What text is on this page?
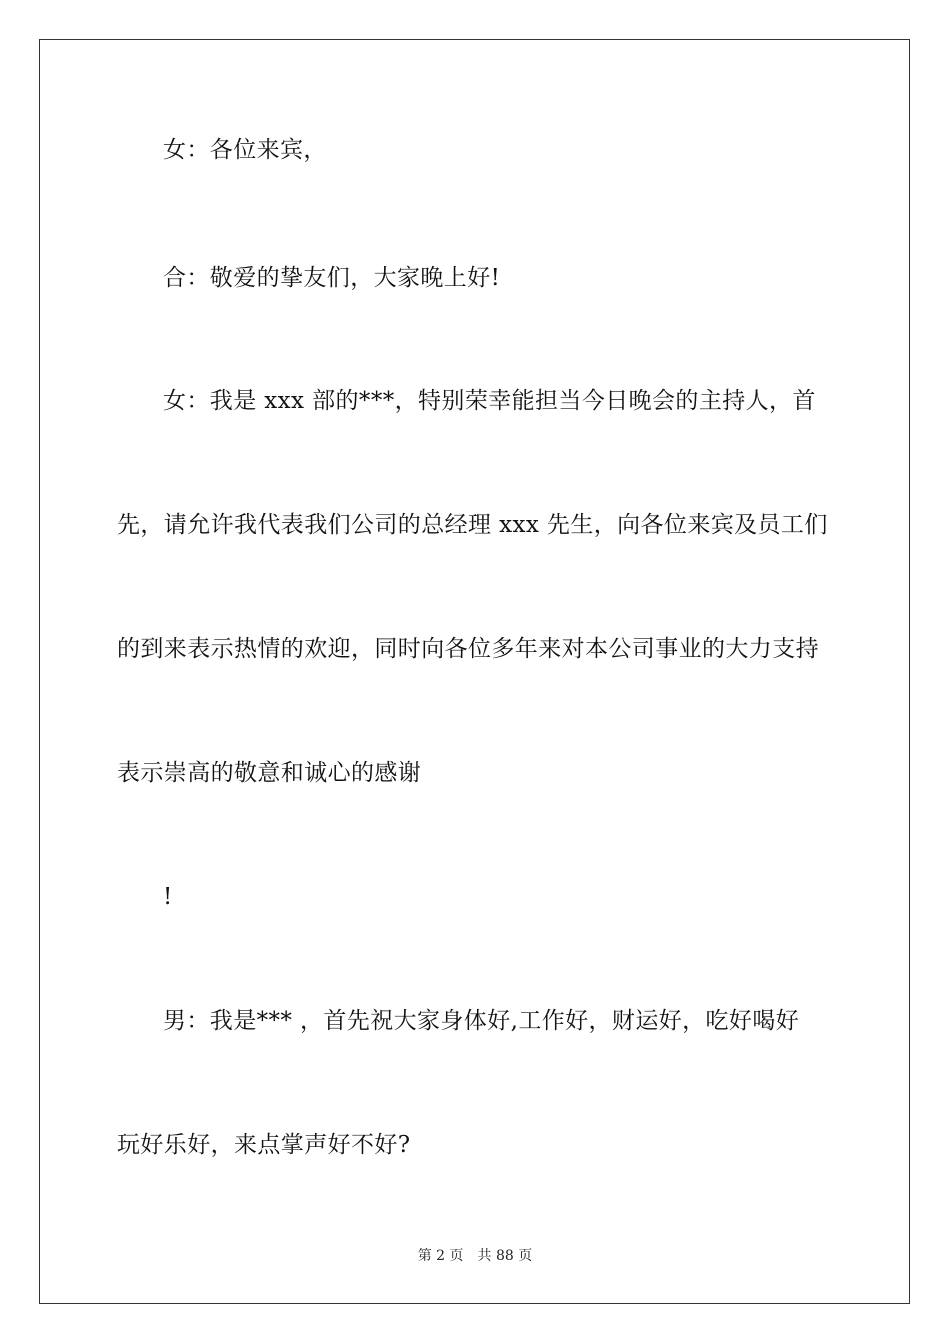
女：各位来宾，
合：敬爱的挚友们，大家晚上好!
女：我是 xxx 部的***，特别荣幸能担当今日晚会的主持人，首
先，请允许我代表我们公司的总经理 xxx 先生，向各位来宾及员工们
的到来表示热情的欢迎，同时向各位多年来对本公司事业的大力支持
表示崇高的敬意和诚心的感谢
!
男：我是*** ，首先祝大家身体好,工作好，财运好，吃好喝好
玩好乐好，来点掌声好不好?
第 2 页　共 88 页
